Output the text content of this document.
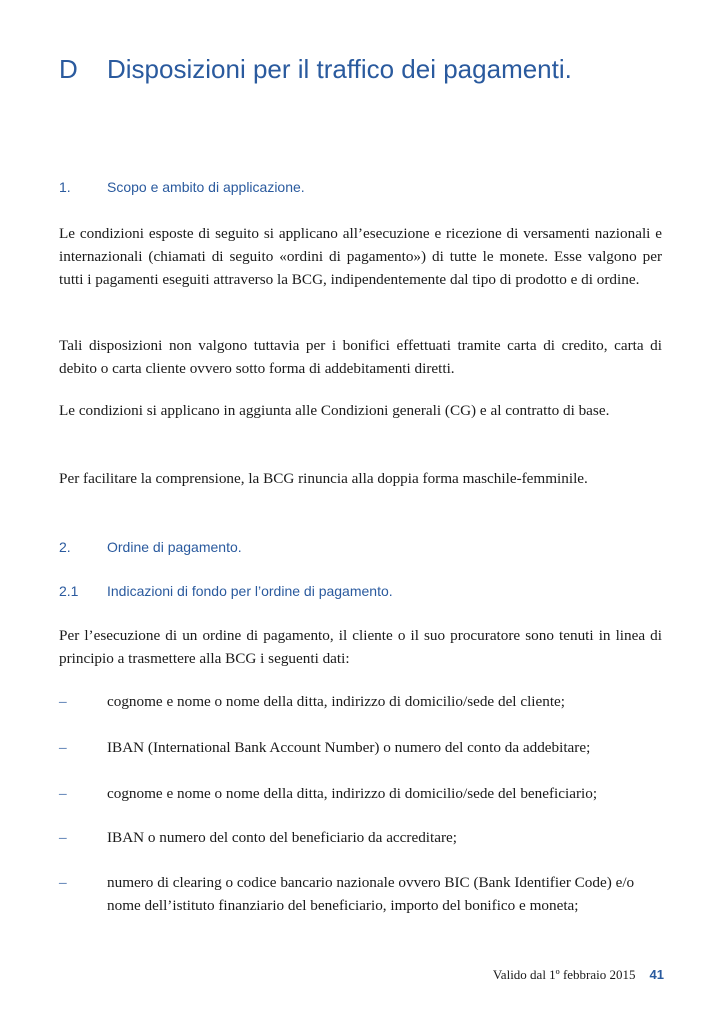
D Disposizioni per il traffico dei pagamenti.
1.	Scopo e ambito di applicazione.

Le condizioni esposte di seguito si applicano all’esecuzione e ricezione di versamenti nazionali e internazionali (chiamati di seguito «ordini di pagamento») di tutte le monete. Esse valgono per tutti i pagamenti eseguiti attraverso la BCG, indipendentemente dal tipo di prodotto e di ordine.

Tali disposizioni non valgono tuttavia per i bonifici effettuati tramite carta di credito, carta di debito o carta cliente ovvero sotto forma di addebitamenti diretti.

Le condizioni si applicano in aggiunta alle Condizioni generali (CG) e al contratto di base.

Per facilitare la comprensione, la BCG rinuncia alla doppia forma maschile-femminile.

2.	Ordine di pagamento.
2.1 Indicazioni di fondo per l’ordine di pagamento.

Per l’esecuzione di un ordine di pagamento, il cliente o il suo procuratore sono tenuti in linea di principio a trasmettere alla BCG i seguenti dati:

–	cognome e nome o nome della ditta, indirizzo di domicilio/sede del cliente;
–	IBAN (International Bank Account Number) o numero del conto da addebitare;
–	cognome e nome o nome della ditta, indirizzo di domicilio/sede del beneficiario;
–	IBAN o numero del conto del beneficiario da accreditare;
–	numero di clearing o codice bancario nazionale ovvero BIC (Bank Identifier Code) e/o nome dell’istituto finanziario del beneficiario, importo del bonifico e moneta;
Valido dal 1º febbraio 2015 41
